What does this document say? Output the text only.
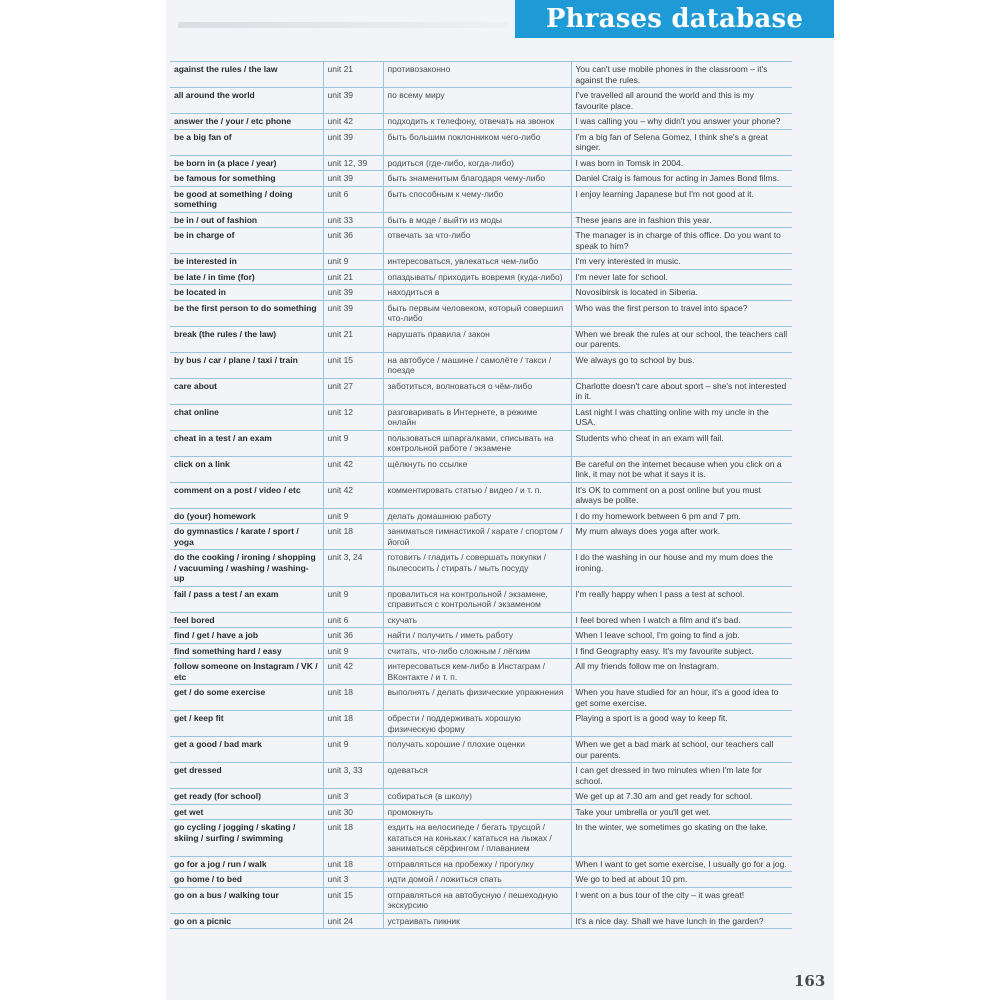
Phrases database
against the rules / the law	unit 21	противозаконно	You can't use mobile phones in the classroom – it's against the rules.
all around the world	unit 39	по всему миру	I've travelled all around the world and this is my favourite place.
answer the / your / etc phone	unit 42	подходить к телефону, отвечать на звонок	I was calling you – why didn't you answer your phone?
be a big fan of	unit 39	быть большим поклонником чего-либо	I'm a big fan of Selena Gomez, I think she's a great singer.
be born in (a place / year)	unit 12, 39	родиться (где-либо, когда-либо)	I was born in Tomsk in 2004.
be famous for something	unit 39	быть знаменитым благодаря чему-либо	Daniel Craig is famous for acting in James Bond films.
be good at something / doing something	unit 6	быть способным к чему-либо	I enjoy learning Japanese but I'm not good at it.
be in / out of fashion	unit 33	быть в моде / выйти из моды	These jeans are in fashion this year.
be in charge of	unit 36	отвечать за что-либо	The manager is in charge of this office. Do you want to speak to him?
be interested in	unit 9	интересоваться, увлекаться чем-либо	I'm very interested in music.
be late / in time (for)	unit 21	опаздывать/ приходить вовремя (куда-либо)	I'm never late for school.
be located in	unit 39	находиться в	Novosibirsk is located in Siberia.
be the first person to do something	unit 39	быть первым человеком, который совершил что-либо	Who was the first person to travel into space?
break (the rules / the law)	unit 21	нарушать правила / закон	When we break the rules at our school, the teachers call our parents.
by bus / car / plane / taxi / train	unit 15	на автобусе / машине / самолёте / такси / поезде	We always go to school by bus.
care about	unit 27	заботиться, волноваться о чём-либо	Charlotte doesn't care about sport – she's not interested in it.
chat online	unit 12	разговаривать в Интернете, в режиме онлайн	Last night I was chatting online with my uncle in the USA.
cheat in a test / an exam	unit 9	пользоваться шпаргалками, списывать на контрольной работе / экзамене	Students who cheat in an exam will fail.
click on a link	unit 42	щёлкнуть по ссылке	Be careful on the internet because when you click on a link, it may not be what it says it is.
comment on a post / video / etc	unit 42	комментировать статью / видео / и т. п.	It's OK to comment on a post online but you must always be polite.
do (your) homework	unit 9	делать домашнюю работу	I do my homework between 6 pm and 7 pm.
do gymnastics / karate / sport / yoga	unit 18	заниматься гимнастикой / карате / спортом / йогой	My mum always does yoga after work.
do the cooking / ironing / shopping / vacuuming / washing / washing-up	unit 3, 24	готовить / гладить / совершать покупки / пылесосить / стирать / мыть посуду	I do the washing in our house and my mum does the ironing.
fail / pass a test / an exam	unit 9	провалиться на контрольной / экзамене, справиться с контрольной / экзаменом	I'm really happy when I pass a test at school.
feel bored	unit 6	скучать	I feel bored when I watch a film and it's bad.
find / get / have a job	unit 36	найти / получить / иметь работу	When I leave school, I'm going to find a job.
find something hard / easy	unit 9	считать, что-либо сложным / лёгким	I find Geography easy. It's my favourite subject.
follow someone on Instagram / VK / etc	unit 42	интересоваться кем-либо в Инстаграм / ВКонтакте / и т. п.	All my friends follow me on Instagram.
get / do some exercise	unit 18	выполнять / делать физические упражнения	When you have studied for an hour, it's a good idea to get some exercise.
get / keep fit	unit 18	обрести / поддерживать хорошую физическую форму	Playing a sport is a good way to keep fit.
get a good / bad mark	unit 9	получать хорошие / плохие оценки	When we get a bad mark at school, our teachers call our parents.
get dressed	unit 3, 33	одеваться	I can get dressed in two minutes when I'm late for school.
get ready (for school)	unit 3	собираться (в школу)	We get up at 7.30 am and get ready for school.
get wet	unit 30	промокнуть	Take your umbrella or you'll get wet.
go cycling / jogging / skating / skiing / surfing / swimming	unit 18	ездить на велосипеде / бегать трусцой / кататься на коньках / кататься на лыжах / заниматься сёрфингом / плаванием	In the winter, we sometimes go skating on the lake.
go for a jog / run / walk	unit 18	отправляться на пробежку / прогулку	When I want to get some exercise, I usually go for a jog.
go home / to bed	unit 3	идти домой / ложиться спать	We go to bed at about 10 pm.
go on a bus / walking tour	unit 15	отправляться на автобусную / пешеходную экскурсию	I went on a bus tour of the city – it was great!
go on a picnic	unit 24	устраивать пикник	It's a nice day. Shall we have lunch in the garden?
163
